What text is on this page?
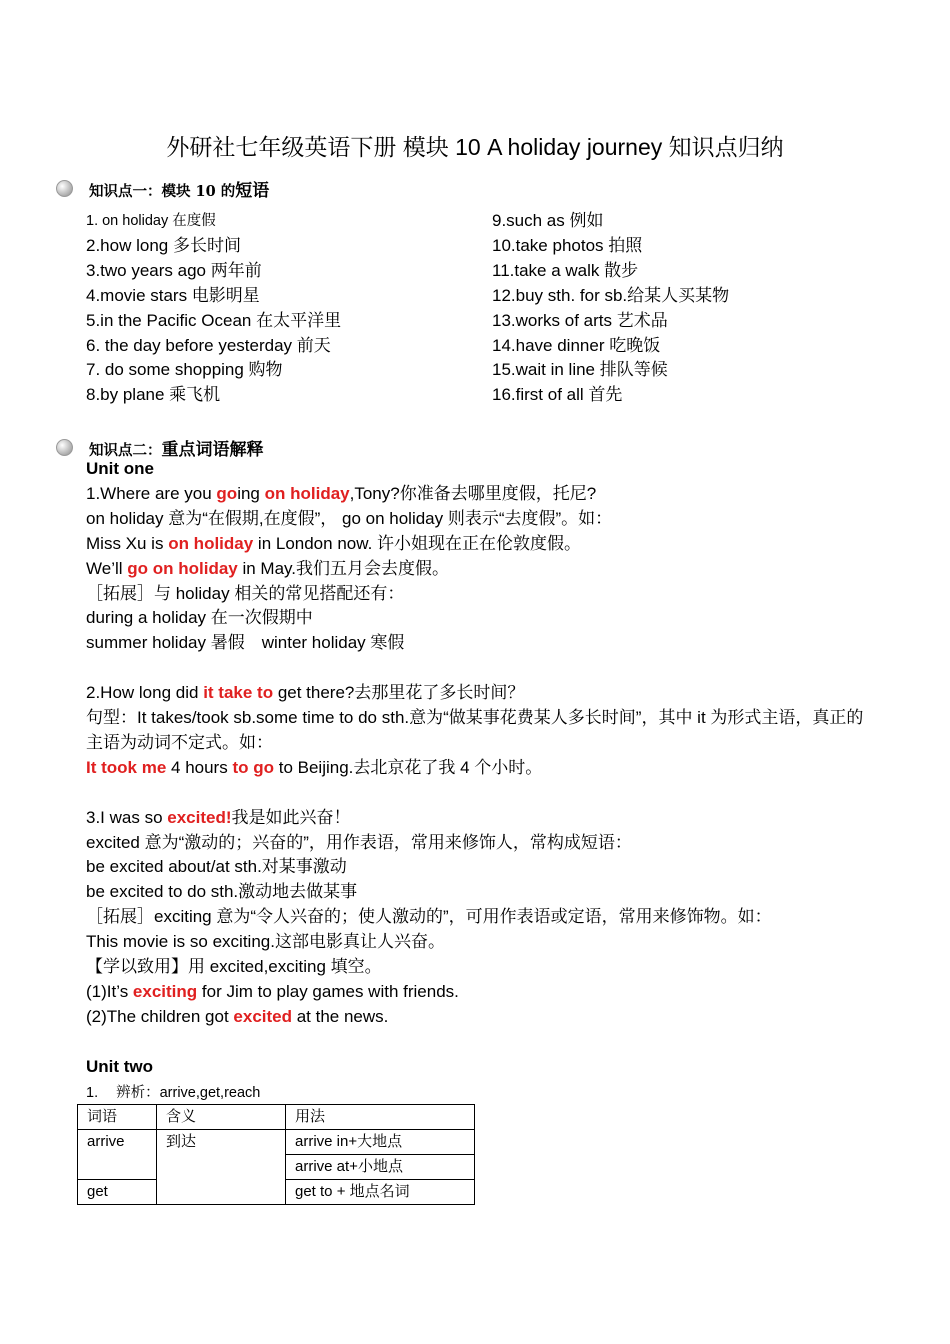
外研社七年级英语下册 模块 10 A holiday journey 知识点归纳
知识点一：模块 10 的短语
1. on holiday 在度假
2.how long 多长时间
3.two years ago 两年前
4.movie stars 电影明星
5.in the Pacific Ocean 在太平洋里
6. the day before yesterday 前天
7. do some shopping 购物
8.by plane 乘飞机
9.such as 例如
10.take photos 拍照
11.take a walk 散步
12.buy sth. for sb.给某人买某物
13.works of arts 艺术品
14.have dinner 吃晚饭
15.wait in line 排队等候
16.first of all 首先
知识点二：重点词语解释
Unit one

1.Where are you going on holiday,Tony?你准备去哪里度假，托尼?

on holiday 意为“在假期,在度假”， go on holiday 则表示“去度假”。如：

Miss Xu is on holiday in London now. 许小姐现在正在伦敦度假。

We’ll go on holiday in May.我们五月会去度假。

［拓展］与 holiday 相关的常见搭配还有：

during a holiday 在一次假期中

summer holiday 暑假　winter holiday 寒假

2.How long did it take to get there?去那里花了多长时间？

句型：It takes/took sb.some time to do sth.意为“做某事花费某人多长时间”，其中 it 为形式主语，真正的主语为动词不定式。如：

It took me 4 hours to go to Beijing.去北京花了我 4 个小时。

3.I was so excited!我是如此兴奋！

excited 意为“激动的；兴奋的”，用作表语，常用来修饰人，常构成短语：

be excited about/at sth.对某事激动

be excited to do sth.激动地去做某事

［拓展］exciting 意为“令人兴奋的；使人激动的”，可用作表语或定语，常用来修饰物。如：

This movie is so exciting.这部电影真让人兴奋。

【学以致用】用 excited,exciting 填空。

(1)It’s exciting for Jim to play games with friends.

(2)The children got excited at the news.

Unit two

1. 辨析：arrive,get,reach

词语	含义	用法
arrive	到达	arrive in+大地点
		arrive at+小地点
get		get to + 地点名词
